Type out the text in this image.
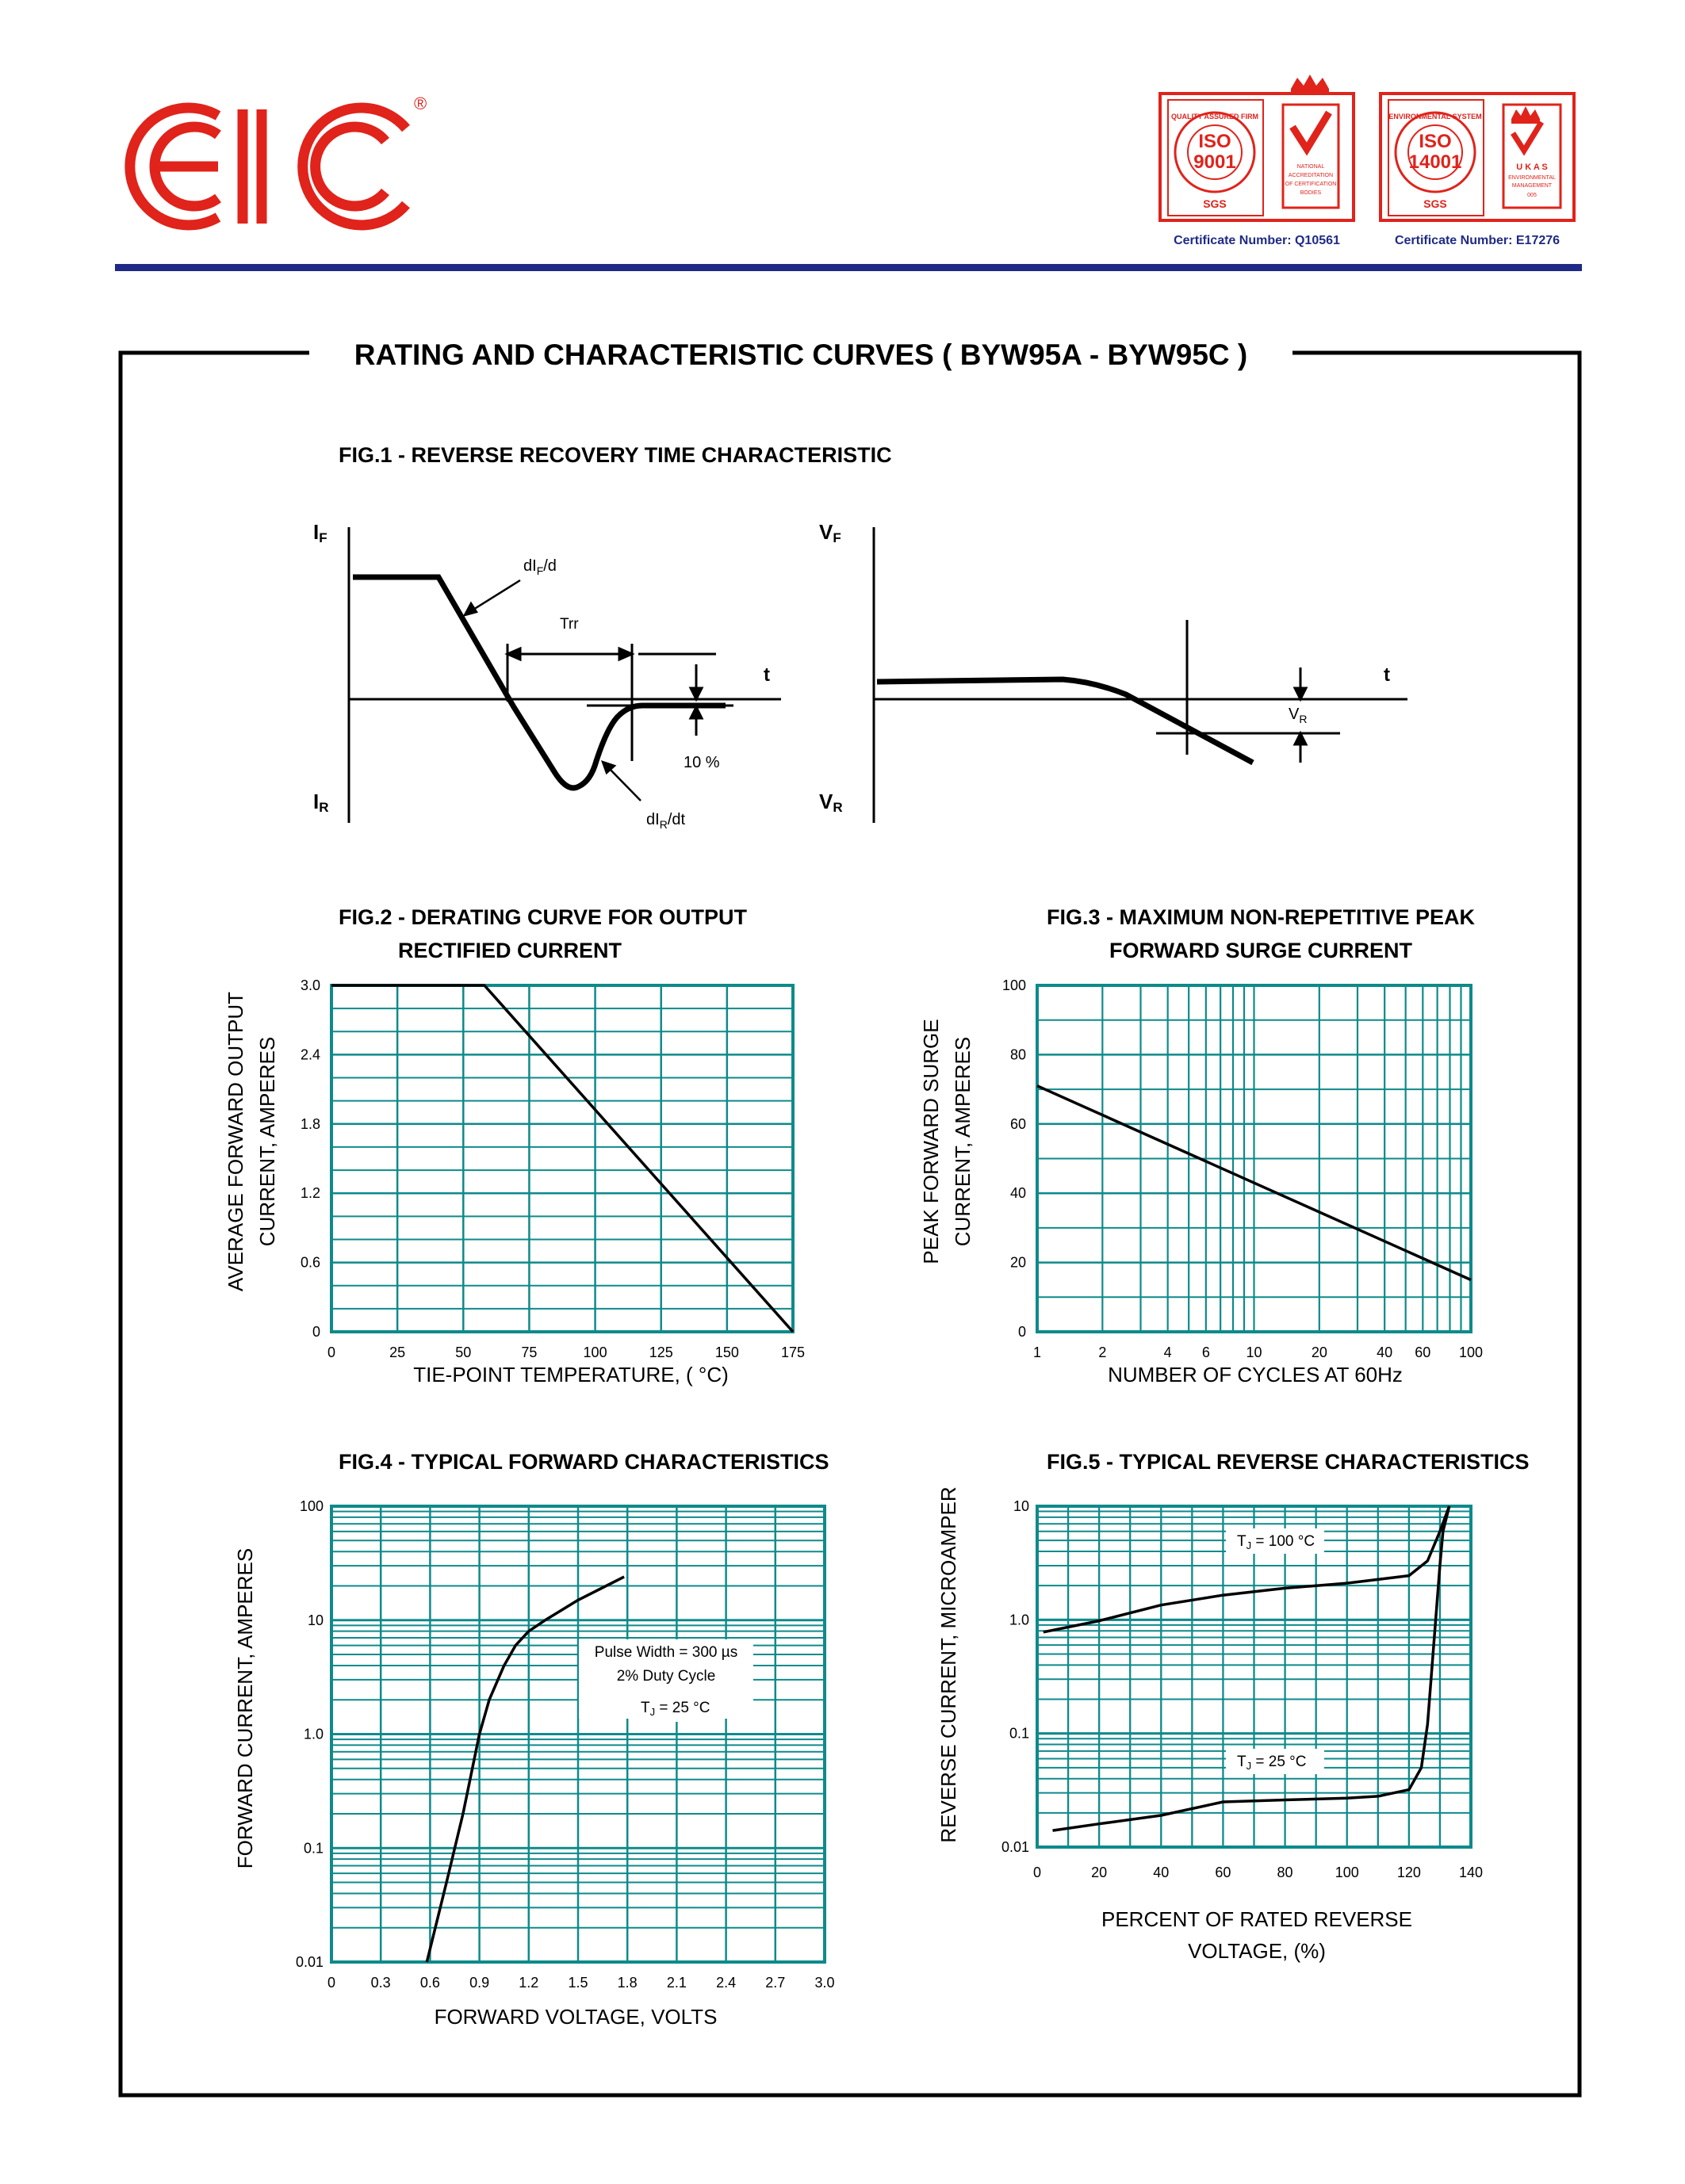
EIC
®
ISO
9001
QUALITY ASSURED FIRM
SGS
NATIONAL
ACCREDITATION
OF CERTIFICATION
BODIES
Certificate Number: Q10561
ISO
14001
ENVIRONMENTAL SYSTEM
SGS
U K A S
ENVIRONMENTAL
MANAGEMENT
005
Certificate Number: E17276
RATING AND CHARACTERISTIC CURVES ( BYW95A - BYW95C )
FIG.1 - REVERSE RECOVERY TIME CHARACTERISTIC
IF
IR
t
$dI_F/d$
Trr
10 %
$dI_R/dt$
VF
VR
t
$V_R$
FIG.2 - DERATING CURVE FOR OUTPUT
RECTIFIED CURRENT
AVERAGE FORWARD OUTPUT CURRENT, AMPERES
TIE-POINT TEMPERATURE, ( °C)
0	25	50	75	100	125	150	175
0
0.6
1.2
1.8
2.4
3.0
FIG.3 - MAXIMUM NON-REPETITIVE PEAK
FORWARD SURGE CURRENT
PEAK FORWARD SURGE CURRENT, AMPERES
NUMBER OF CYCLES AT 60Hz
1	2	4 6	10	20	40 60 100
0
20
40
60
80
100
FIG.4 - TYPICAL FORWARD CHARACTERISTICS
FORWARD CURRENT, AMPERES
FORWARD VOLTAGE, VOLTS
0 0.3 0.6 0.9 1.2 1.5 1.8 2.1 2.4 2.7 3.0
0.01
0.1
1.0
10
100
Pulse Width = 300 µs
2% Duty Cycle
$T_J = 25$ °C
FIG.5 - TYPICAL REVERSE CHARACTERISTICS
REVERSE CURRENT, MICROAMPER
PERCENT OF RATED REVERSE
VOLTAGE, (%)
0	20	40	60	80	100	120	140
0.01
0.1
1.0
10
$T_J = 100$ °C
$T_J = 25$ °C
